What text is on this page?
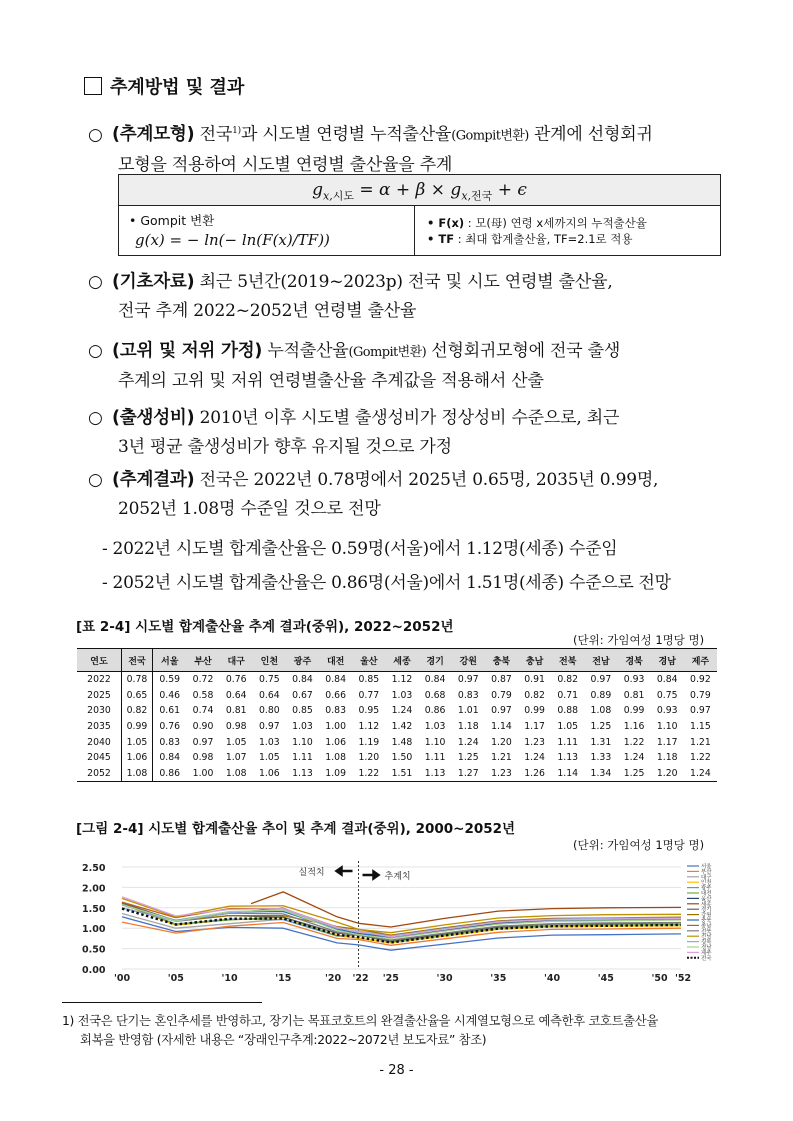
추계방법 및 결과
○ (추계모형) 전국$^{1)}$과 시도별 연령별 누적출산율(Gompit변환) 관계에 선형회귀
모형을 적용하여 시도별 연령별 출산율을 추계
$g_{x,시도} = \alpha + \beta \times g_{x,전국} + \epsilon$
• Gompit 변환
g(x) = − ln(− ln(F(x)/TF))
• F(x) : 모(母) 연령 x세까지의 누적출산율
• TF : 최대 합계출산율, TF=2.1로 적용
○ (기초자료) 최근 5년간(2019~2023p) 전국 및 시도 연령별 출산율,
전국 추계 2022~2052년 연령별 출산율
○ (고위 및 저위 가정) 누적출산율(Gompit변환) 선형회귀모형에 전국 출생
추계의 고위 및 저위 연령별출산율 추계값을 적용해서 산출
○ (출생성비) 2010년 이후 시도별 출생성비가 정상성비 수준으로, 최근
3년 평균 출생성비가 향후 유지될 것으로 가정
○ (추계결과) 전국은 2022년 0.78명에서 2025년 0.65명, 2035년 0.99명,
2052년 1.08명 수준일 것으로 전망
- 2022년 시도별 합계출산율은 0.59명(서울)에서 1.12명(세종) 수준임
- 2052년 시도별 합계출산율은 0.86명(서울)에서 1.51명(세종) 수준으로 전망
[표 2-4] 시도별 합계출산율 추계 결과(중위), 2022~2052년
(단위: 가임여성 1명당 명)
연도	전국	서울	부산	대구	인천	광주	대전	울산	세종	경기	강원	충북	충남	전북	전남	경북	경남	제주
2022	0.78	0.59	0.72	0.76	0.75	0.84	0.84	0.85	1.12	0.84	0.97	0.87	0.91	0.82	0.97	0.93	0.84	0.92
2025	0.65	0.46	0.58	0.64	0.64	0.67	0.66	0.77	1.03	0.68	0.83	0.79	0.82	0.71	0.89	0.81	0.75	0.79
2030	0.82	0.61	0.74	0.81	0.80	0.85	0.83	0.95	1.24	0.86	1.01	0.97	0.99	0.88	1.08	0.99	0.93	0.97
2035	0.99	0.76	0.90	0.98	0.97	1.03	1.00	1.12	1.42	1.03	1.18	1.14	1.17	1.05	1.25	1.16	1.10	1.15
2040	1.05	0.83	0.97	1.05	1.03	1.10	1.06	1.19	1.48	1.10	1.24	1.20	1.23	1.11	1.31	1.22	1.17	1.21
2045	1.06	0.84	0.98	1.07	1.05	1.11	1.08	1.20	1.50	1.11	1.25	1.21	1.24	1.13	1.33	1.24	1.18	1.22
2052	1.08	0.86	1.00	1.08	1.06	1.13	1.09	1.22	1.51	1.13	1.27	1.23	1.26	1.14	1.34	1.25	1.20	1.24
[그림 2-4] 시도별 합계출산율 추이 및 추계 결과(중위), 2000~2052년
(단위: 가임여성 1명당 명)
0.00
0.50
1.00
1.50
2.00
2.50
'00	'05	'10	'15	'20 '22 '25	'30	'35	'40	'45	'50 '52
실적치	추계치
서울
부산
대구
인천
광주
대전
울산
세종
경기
강원
충북
충남
전북
전남
경북
경남
제주
전국
1) 전국은 단기는 혼인추세를 반영하고, 장기는 목표코호트의 완결출산율을 시계열모형으로 예측한후 코호트출산율
회복을 반영함 (자세한 내용은 “장래인구추계:2022~2072년 보도자료” 참조)
- 28 -
